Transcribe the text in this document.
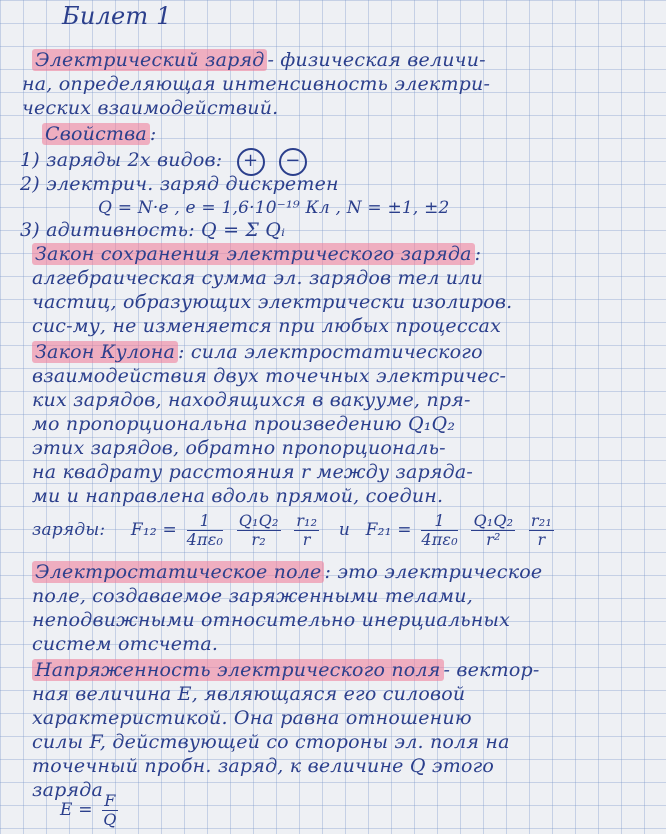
Билет 1
Электрический заряд - физическая величи-
на, определяющая интенсивность электри-
ческих взаимодействий.
Свойства :
1) заряды 2х видов: + −
2) электрич. заряд дискретен
Q = N·e , e = 1,6·10⁻¹⁹ Кл , N = ±1, ±2
3) адитивность: Q = Σ Qᵢ
Закон сохранения электрического заряда :
алгебраическая сумма эл. зарядов тел или
частиц, образующих электрически изолиров.
сис-му, не изменяется при любых процессах
Закон Кулона : сила электростатического
взаимодействия двух точечных электричес-
ких зарядов, находящихся в вакууме, пря-
мо пропорциональна произведению Q₁Q₂
этих зарядов, обратно пропорциональ-
на квадрату расстояния r между заряда-
ми и направлена вдоль прямой, соедин.
заряды: $F_{12} = \frac{1}{\text{4πε₀}}$
$\frac{\text{Q₁Q₂}}{\text{r₂}}$
$\frac{\text{r₁₂}}{r}$ и $F_{21} = \frac{1}{\text{4πε₀}}$
$\frac{\text{Q₁Q₂}}{\text{r²}}$
$\frac{\text{r₂₁}}{r}$
Электростатическое поле : это электрическое
поле, создаваемое заряженными телами,
неподвижными относительно инерциальных
систем отсчета.
Напряженность электрического поля - вектор-
ная величина E, являющаяся его силовой
характеристикой. Она равна отношению
силы F, действующей со стороны эл. поля на
точечный пробн. заряд, к величине Q этого
заряда
$E = \frac{F}{Q}$
